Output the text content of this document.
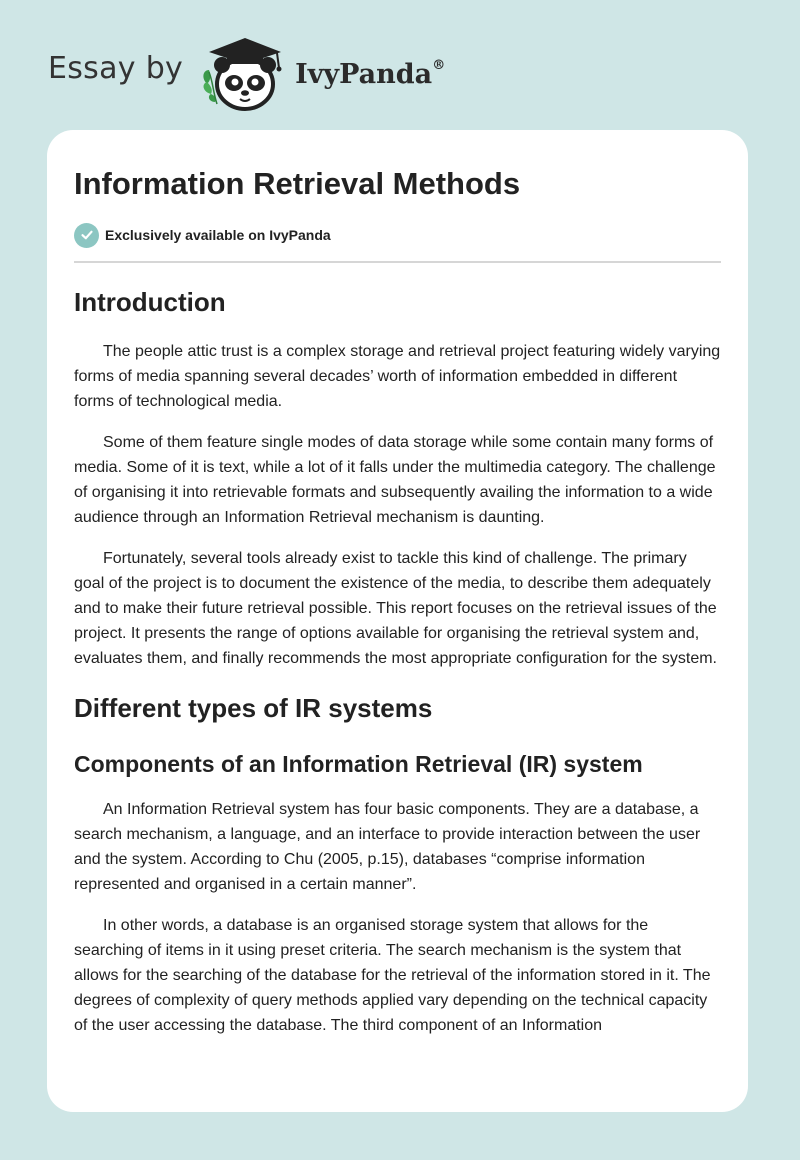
Essay by	IvyPanda®
Information Retrieval Methods
Exclusively available on IvyPanda
Introduction

The people attic trust is a complex storage and retrieval project featuring widely varying forms of media spanning several decades’ worth of information embedded in different forms of technological media.

Some of them feature single modes of data storage while some contain many forms of media. Some of it is text, while a lot of it falls under the multimedia category. The challenge of organising it into retrievable formats and subsequently availing the information to a wide audience through an Information Retrieval mechanism is daunting.

Fortunately, several tools already exist to tackle this kind of challenge. The primary goal of the project is to document the existence of the media, to describe them adequately and to make their future retrieval possible. This report focuses on the retrieval issues of the project. It presents the range of options available for organising the retrieval system and, evaluates them, and finally recommends the most appropriate configuration for the system.

Different types of IR systems
Components of an Information Retrieval (IR) system

An Information Retrieval system has four basic components. They are a database, a search mechanism, a language, and an interface to provide interaction between the user and the system. According to Chu (2005, p.15), databases “comprise information represented and organised in a certain manner”.

In other words, a database is an organised storage system that allows for the searching of items in it using preset criteria. The search mechanism is the system that allows for the searching of the database for the retrieval of the information stored in it. The degrees of complexity of query methods applied vary depending on the technical capacity of the user accessing the database. The third component of an Information
